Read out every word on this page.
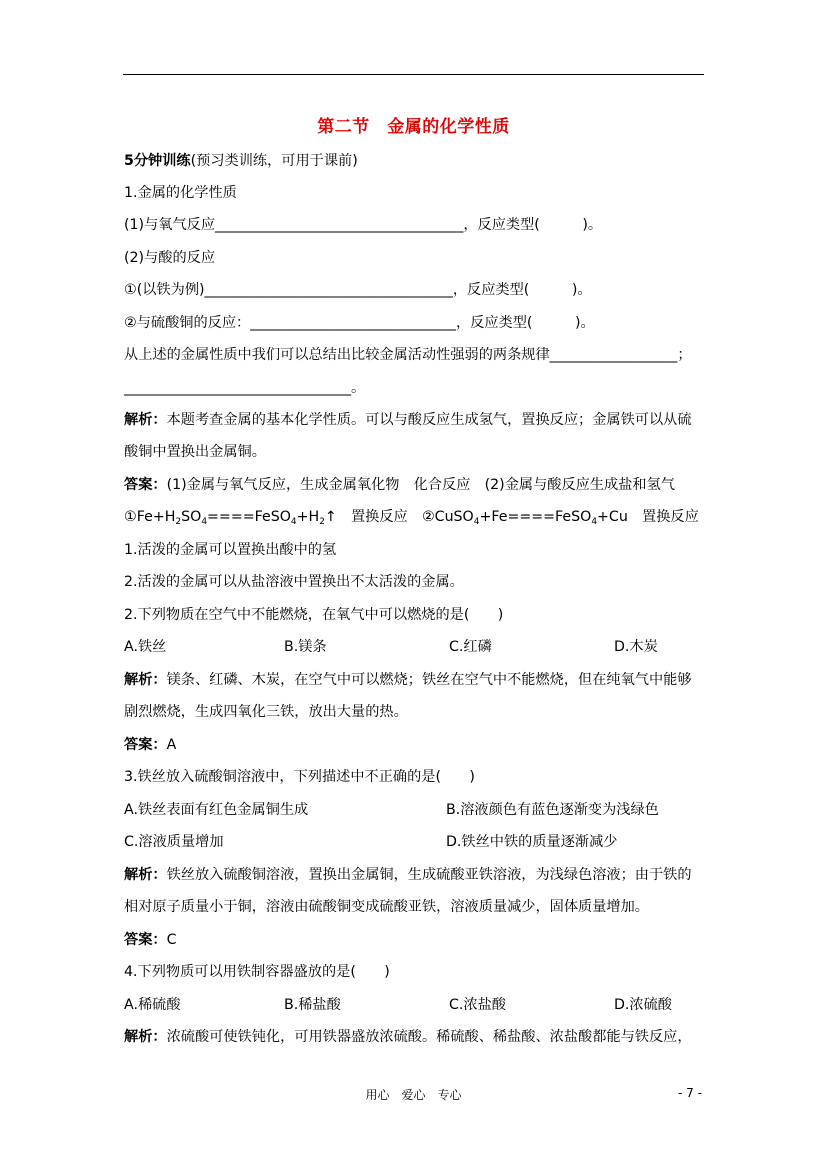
第二节　金属的化学性质
5分钟训练(预习类训练，可用于课前)
1.金属的化学性质
(1)与氧气反应___________________________________，反应类型(　　　)。
(2)与酸的反应
①(以铁为例)___________________________________，反应类型(　　　)。
②与硫酸铜的反应：_____________________________，反应类型(　　　)。
从上述的金属性质中我们可以总结出比较金属活动性强弱的两条规律__________________；
________________________________。
解析：本题考查金属的基本化学性质。可以与酸反应生成氢气，置换反应；金属铁可以从硫
酸铜中置换出金属铜。
答案：(1)金属与氧气反应，生成金属氧化物　化合反应　(2)金属与酸反应生成盐和氢气
$①Fe+H_2SO_4====FeSO_4+H_2↑$　置换反应　②CuSO$_4$+Fe====FeSO$_4$+Cu　置换反应
1.活泼的金属可以置换出酸中的氢
2.活泼的金属可以从盐溶液中置换出不太活泼的金属。
2.下列物质在空气中不能燃烧，在氧气中可以燃烧的是(　　)
A.铁丝	B.镁条	C.红磷	D.木炭
解析：镁条、红磷、木炭，在空气中可以燃烧；铁丝在空气中不能燃烧，但在纯氧气中能够
剧烈燃烧，生成四氧化三铁，放出大量的热。
答案：A
3.铁丝放入硫酸铜溶液中，下列描述中不正确的是(　　)
A.铁丝表面有红色金属铜生成	B.溶液颜色有蓝色逐渐变为浅绿色
C.溶液质量增加	D.铁丝中铁的质量逐渐减少
解析：铁丝放入硫酸铜溶液，置换出金属铜，生成硫酸亚铁溶液，为浅绿色溶液；由于铁的
相对原子质量小于铜，溶液由硫酸铜变成硫酸亚铁，溶液质量减少，固体质量增加。
答案：C
4.下列物质可以用铁制容器盛放的是(　　)
A.稀硫酸	B.稀盐酸	C.浓盐酸	D.浓硫酸
解析：浓硫酸可使铁钝化，可用铁器盛放浓硫酸。稀硫酸、稀盐酸、浓盐酸都能与铁反应，
用心　爱心　专心	- 7 -
